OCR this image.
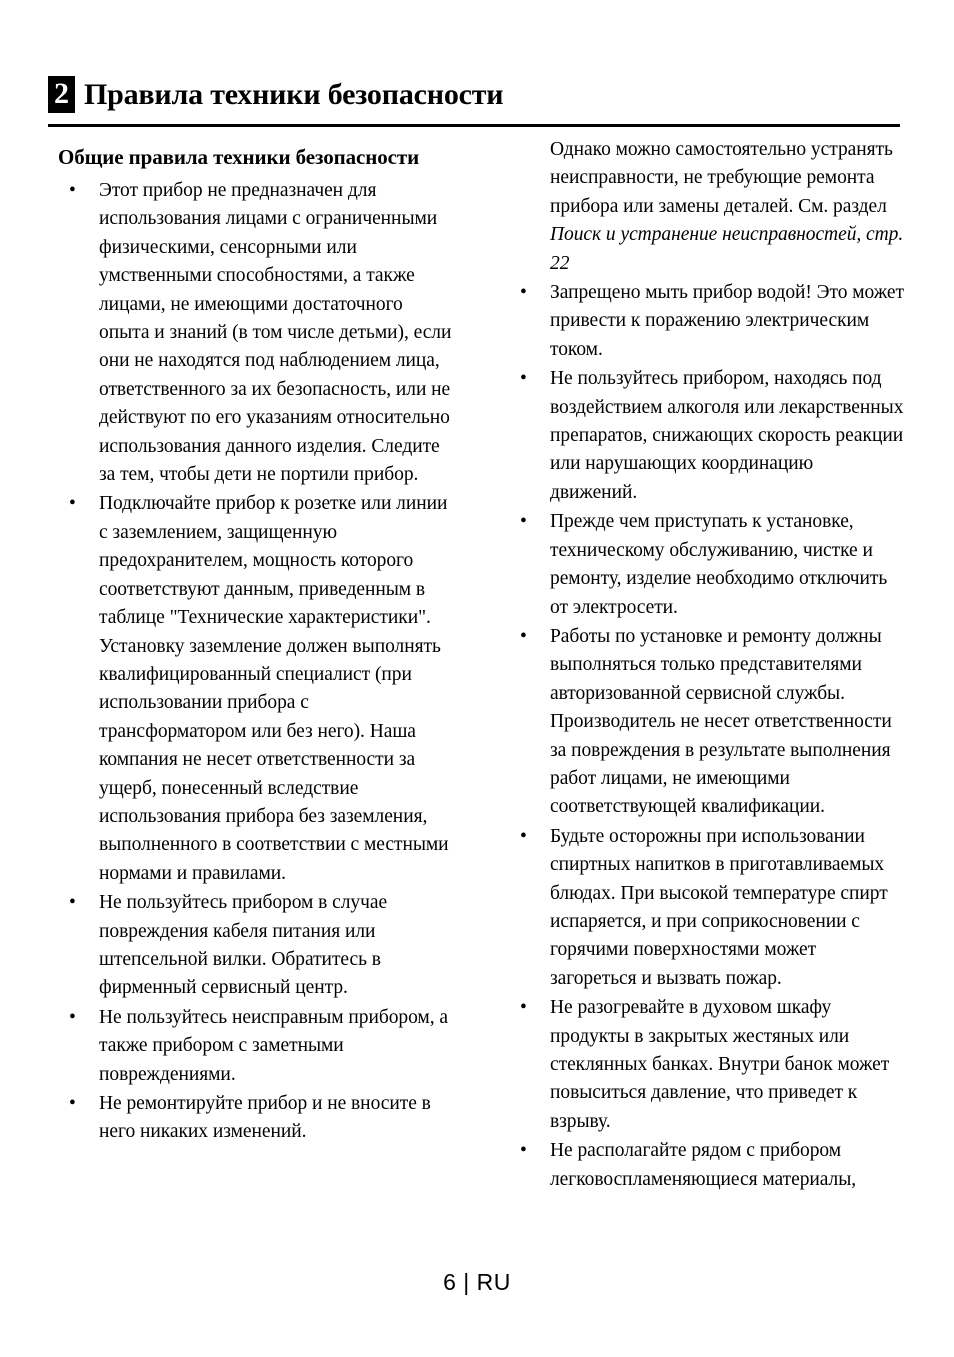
2 Правила техники безопасности
Общие правила техники безопасности
• Этот прибор не предназначен для использования лицами с ограниченными физическими, сенсорными или умственными способностями, а также лицами, не имеющими достаточного опыта и знаний (в том числе детьми), если они не находятся под наблюдением лица, ответственного за их безопасность, или не действуют по его указаниям относительно использования данного изделия. Следите за тем, чтобы дети не портили прибор.
• Подключайте прибор к розетке или линии с заземлением, защищенную предохранителем, мощность которого соответствуют данным, приведенным в таблице "Технические характеристики". Установку заземление должен выполнять квалифицированный специалист (при использовании прибора с трансформатором или без него). Наша компания не несет ответственности за ущерб, понесенный вследствие использования прибора без заземления, выполненного в соответствии с местными нормами и правилами.
• Не пользуйтесь прибором в случае повреждения кабеля питания или штепсельной вилки. Обратитесь в фирменный сервисный центр.
• Не пользуйтесь неисправным прибором, а также прибором с заметными повреждениями.
• Не ремонтируйте прибор и не вносите в него никаких изменений.
Однако можно самостоятельно устранять неисправности, не требующие ремонта прибора или замены деталей. См. раздел Поиск и устранение неисправностей, стр. 22
• Запрещено мыть прибор водой! Это может привести к поражению электрическим током.
• Не пользуйтесь прибором, находясь под воздействием алкоголя или лекарственных препаратов, снижающих скорость реакции или нарушающих координацию движений.
• Прежде чем приступать к установке, техническому обслуживанию, чистке и ремонту, изделие необходимо отключить от электросети.
• Работы по установке и ремонту должны выполняться только представителями авторизованной сервисной службы. Производитель не несет ответственности за повреждения в результате выполнения работ лицами, не имеющими соответствующей квалификации.
• Будьте осторожны при использовании спиртных напитков в приготавливаемых блюдах. При высокой температуре спирт испаряется, и при соприкосновении с горячими поверхностями может загореться и вызвать пожар.
• Не разогревайте в духовом шкафу продукты в закрытых жестяных или стеклянных банках. Внутри банок может повыситься давление, что приведет к взрыву.
• Не располагайте рядом с прибором легковоспламеняющиеся материалы,
6 | RU
